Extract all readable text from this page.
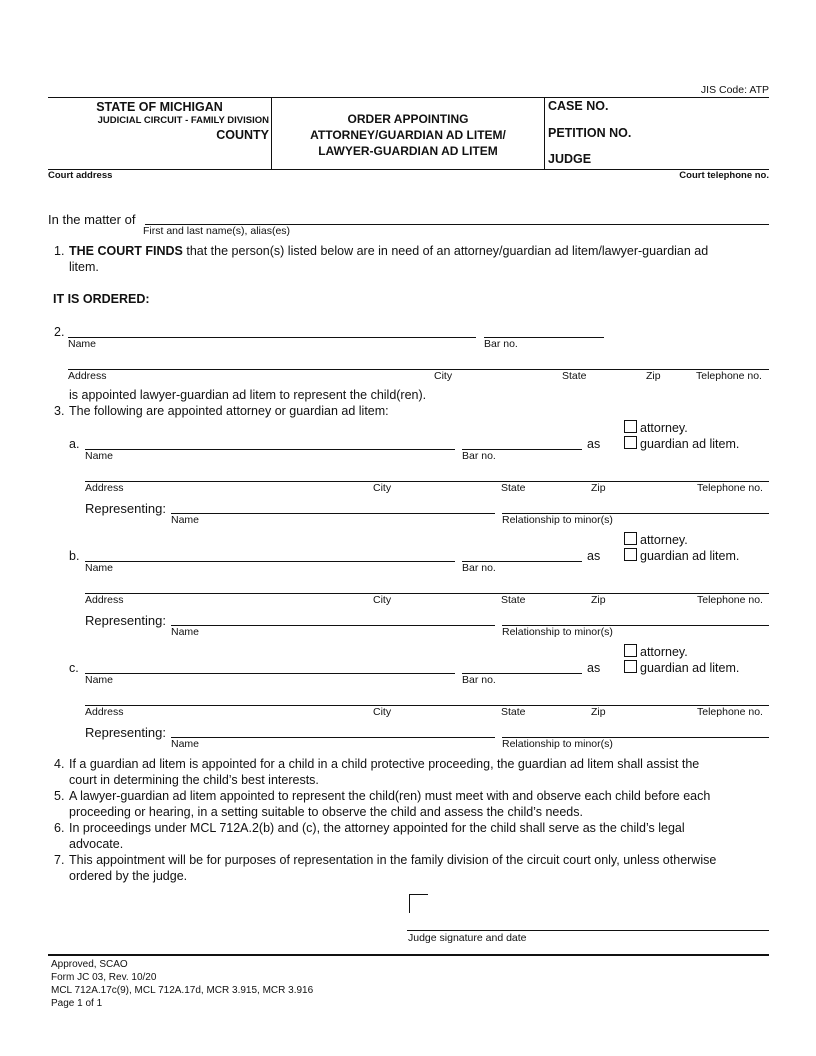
JIS Code: ATP
STATE OF MICHIGAN
JUDICIAL CIRCUIT - FAMILY DIVISION
COUNTY
ORDER APPOINTING
ATTORNEY/GUARDIAN AD LITEM/
LAWYER-GUARDIAN AD LITEM
CASE NO.
PETITION NO.
JUDGE
Court address	Court telephone no.
In the matter of
First and last name(s), alias(es)
1. THE COURT FINDS that the person(s) listed below are in need of an attorney/guardian ad litem/lawyer-guardian ad
litem.
IT IS ORDERED:
2.
Name	Bar no.
Address	City	State	Zip	Telephone no.
is appointed lawyer-guardian ad litem to represent the child(ren).
3. The following are appointed attorney or guardian ad litem:
attorney.
a.	as	guardian ad litem.
Name	Bar no.
Address	City	State	Zip	Telephone no.
Representing:
Name	Relationship to minor(s)
attorney.
b.	as	guardian ad litem.
Name	Bar no.
Address	City	State	Zip	Telephone no.
Representing:
Name	Relationship to minor(s)
attorney.
c.	as	guardian ad litem.
Name	Bar no.
Address	City	State	Zip	Telephone no.
Representing:
Name	Relationship to minor(s)
4. If a guardian ad litem is appointed for a child in a child protective proceeding, the guardian ad litem shall assist the
court in determining the child’s best interests.
5. A lawyer-guardian ad litem appointed to represent the child(ren) must meet with and observe each child before each
proceeding or hearing, in a setting suitable to observe the child and assess the child’s needs.
6. In proceedings under MCL 712A.2(b) and (c), the attorney appointed for the child shall serve as the child’s legal
advocate.
7. This appointment will be for purposes of representation in the family division of the circuit court only, unless otherwise
ordered by the judge.
Judge signature and date
Approved, SCAO
Form JC 03, Rev. 10/20
MCL 712A.17c(9), MCL 712A.17d, MCR 3.915, MCR 3.916
Page 1 of 1
